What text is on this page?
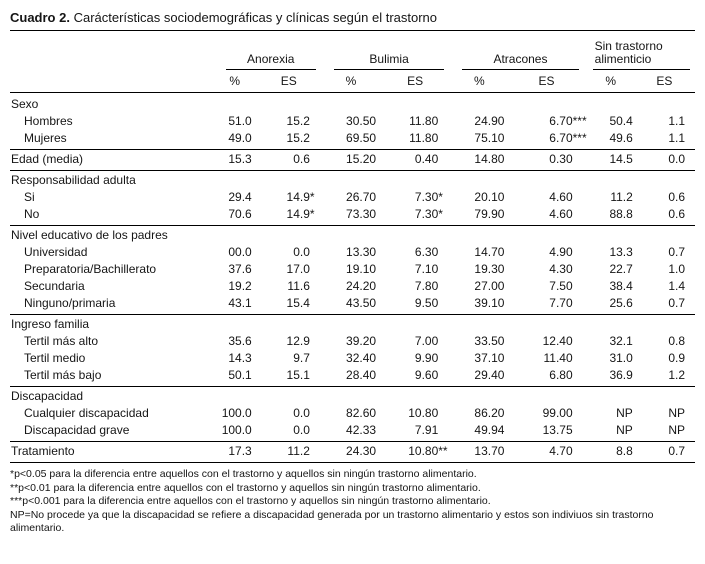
Cuadro 2. Carácterísticas sociodemográficas y clínicas según el trastorno

	Anorexia		Bulimia		Atracones		Sin trastorno alimenticio	

	%	ES	%	ES	%	ES	%	ES
Sexo								
Hombres	51.0	15.2	30.50	11.80	24.90	6.70 ***	50.4	1.1
Mujeres	49.0	15.2	69.50	11.80	75.10	6.70 ***	49.6	1.1
Edad (media)	15.3	0.6	15.20	0.40	14.80	0.30	14.5	0.0
Responsabilidad adulta								
Si	29.4	14.9 *	26.70	7.30 *	20.10	4.60	11.2	0.6
No	70.6	14.9 *	73.30	7.30 *	79.90	4.60	88.8	0.6
Nivel educativo de los padres								
Universidad	00.0	0.0	13.30	6.30	14.70	4.90	13.3	0.7
Preparatoria/Bachillerato	37.6	17.0	19.10	7.10	19.30	4.30	22.7	1.0
Secundaria	19.2	11.6	24.20	7.80	27.00	7.50	38.4	1.4
Ninguno/primaria	43.1	15.4	43.50	9.50	39.10	7.70	25.6	0.7
Ingreso familia								
Tertil más alto	35.6	12.9	39.20	7.00	33.50	12.40	32.1	0.8
Tertil medio	14.3	9.7	32.40	9.90	37.10	11.40	31.0	0.9
Tertil más bajo	50.1	15.1	28.40	9.60	29.40	6.80	36.9	1.2
Discapacidad								
Cualquier discapacidad	100.0	0.0	82.60	10.80	86.20	99.00	NP	NP
Discapacidad grave	100.0	0.0	42.33	7.91	49.94	13.75	NP	NP
Tratamiento	17.3	11.2	24.30	10.80 **	13.70	4.70	8.8	0.7
*p<0.05 para la diferencia entre aquellos con el trastorno y aquellos sin ningún trastorno alimentario.
**p<0.01 para la diferencia entre aquellos con el trastorno y aquellos sin ningún trastorno alimentario.
***p<0.001 para la diferencia entre aquellos con el trastorno y aquellos sin ningún trastorno alimentario.
NP=No procede ya que la discapacidad se refiere a discapacidad generada por un trastorno alimentario y estos son indiviuos sin trastorno alimentario.
